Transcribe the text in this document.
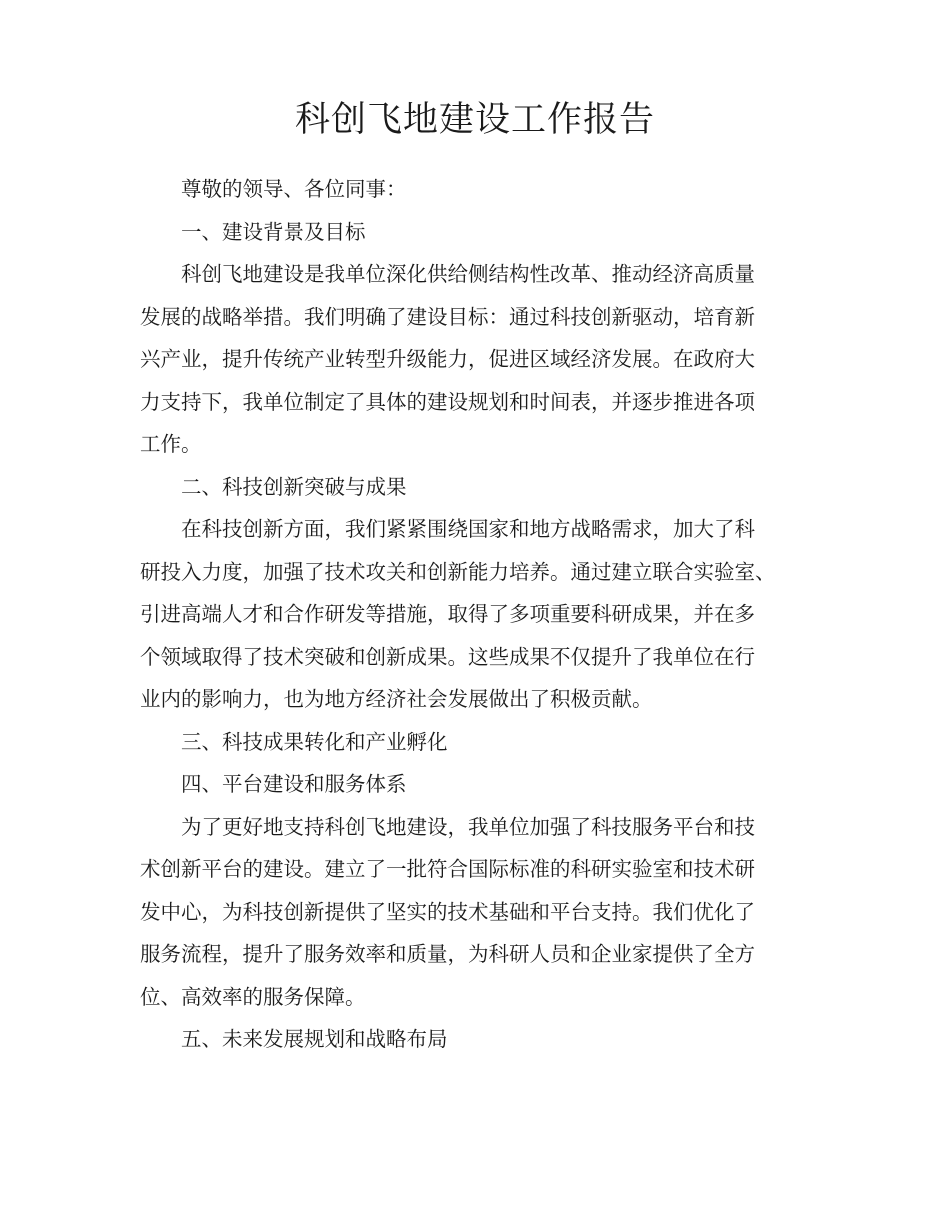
科创飞地建设工作报告

尊敬的领导、各位同事：

一、建设背景及目标

科创飞地建设是我单位深化供给侧结构性改革、推动经济高质量
发展的战略举措。我们明确了建设目标：通过科技创新驱动，培育新
兴产业，提升传统产业转型升级能力，促进区域经济发展。在政府大
力支持下，我单位制定了具体的建设规划和时间表，并逐步推进各项
工作。

二、科技创新突破与成果

在科技创新方面，我们紧紧围绕国家和地方战略需求，加大了科
研投入力度，加强了技术攻关和创新能力培养。通过建立联合实验室、
引进高端人才和合作研发等措施，取得了多项重要科研成果，并在多
个领域取得了技术突破和创新成果。这些成果不仅提升了我单位在行
业内的影响力，也为地方经济社会发展做出了积极贡献。

三、科技成果转化和产业孵化

四、平台建设和服务体系

为了更好地支持科创飞地建设，我单位加强了科技服务平台和技
术创新平台的建设。建立了一批符合国际标准的科研实验室和技术研
发中心，为科技创新提供了坚实的技术基础和平台支持。我们优化了
服务流程，提升了服务效率和质量，为科研人员和企业家提供了全方
位、高效率的服务保障。

五、未来发展规划和战略布局
